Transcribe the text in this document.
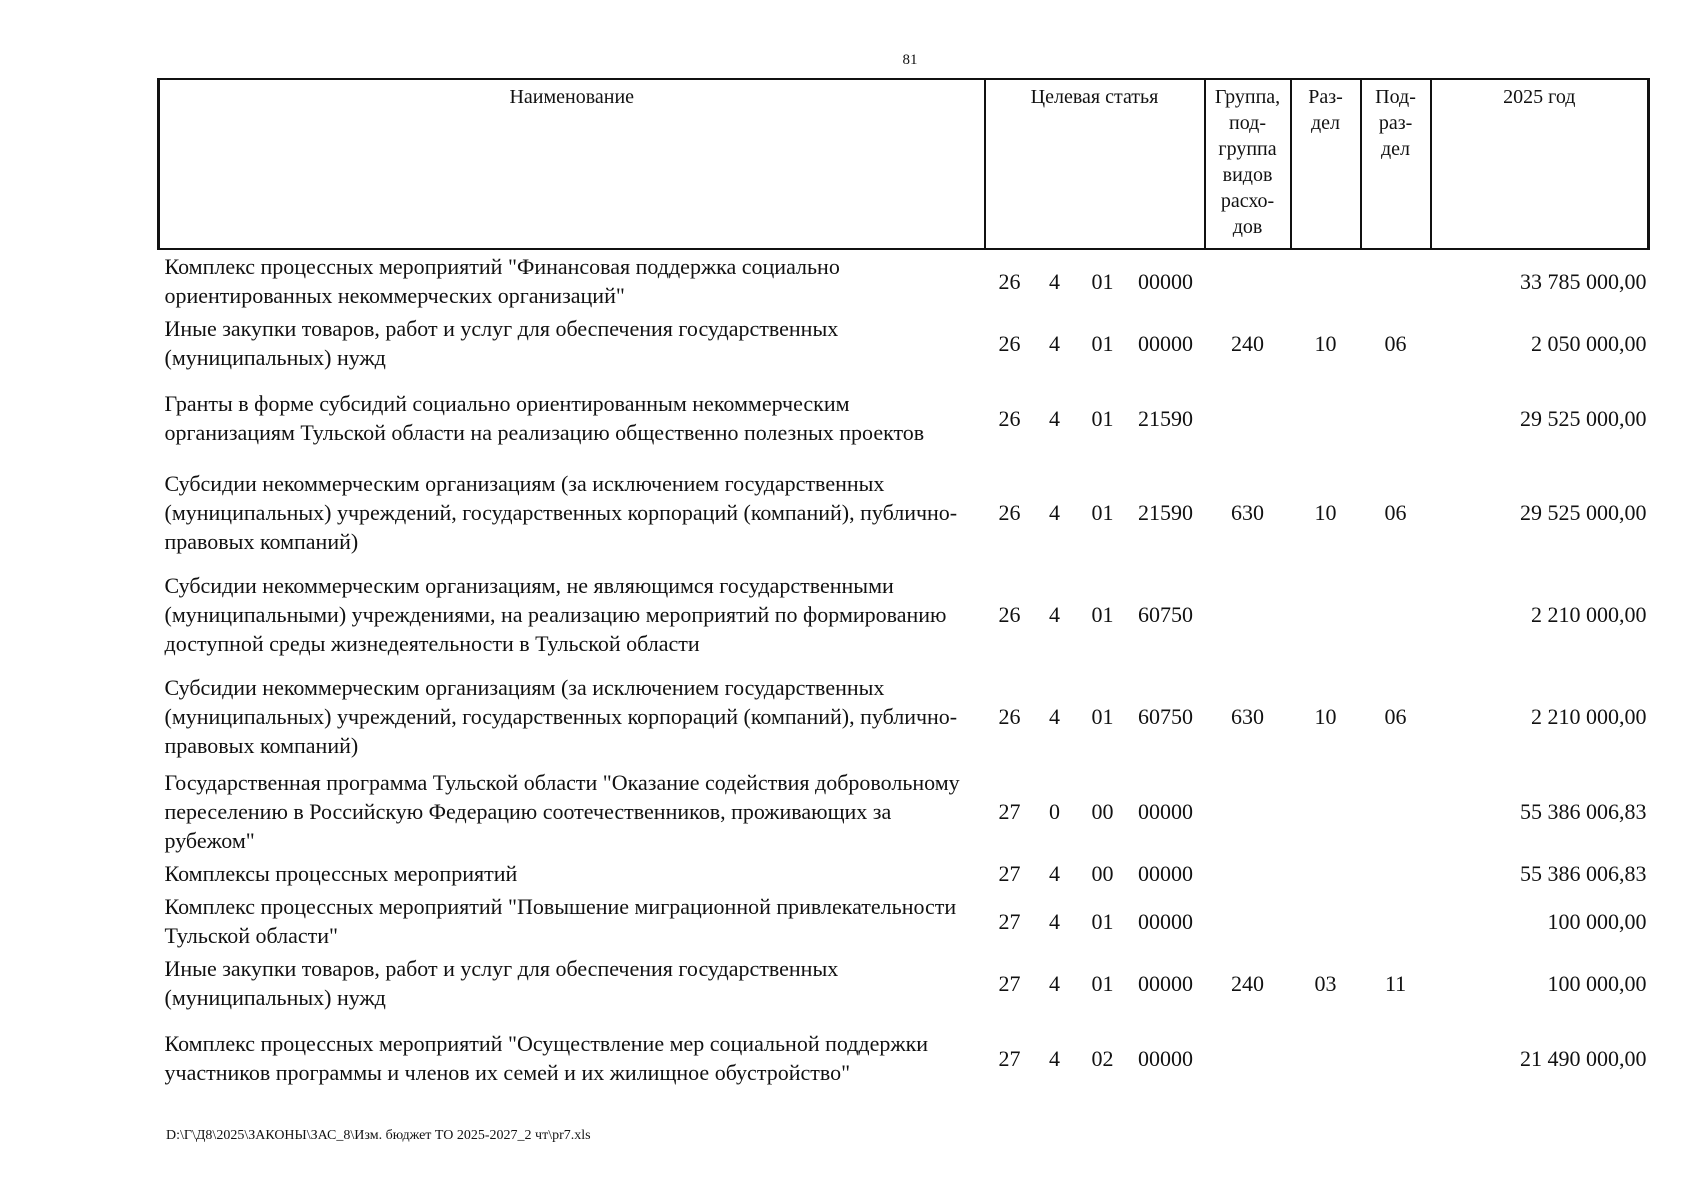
81
Наименование	Целевая статья				Группа, под-группа видов расхо-дов	Раз-дел	Под-раз-дел	2025 год
Комплекс процессных мероприятий "Финансовая поддержка социально ориентированных некоммерческих организаций"	26	4	01	00000				33 785 000,00
Иные закупки товаров, работ и услуг для обеспечения государственных (муниципальных) нужд	26	4	01	00000	240	10	06	2 050 000,00
Гранты в форме субсидий социально ориентированным некоммерческим организациям Тульской области на реализацию общественно полезных проектов	26	4	01	21590				29 525 000,00
Субсидии некоммерческим организациям (за исключением государственных (муниципальных) учреждений, государственных корпораций (компаний), публично-правовых компаний)	26	4	01	21590	630	10	06	29 525 000,00
Субсидии некоммерческим организациям, не являющимся государственными (муниципальными) учреждениями, на реализацию мероприятий по формированию доступной среды жизнедеятельности в Тульской области	26	4	01	60750				2 210 000,00
Субсидии некоммерческим организациям (за исключением государственных (муниципальных) учреждений, государственных корпораций (компаний), публично-правовых компаний)	26	4	01	60750	630	10	06	2 210 000,00
Государственная программа Тульской области "Оказание содействия добровольному переселению в Российскую Федерацию соотечественников, проживающих за рубежом"	27	0	00	00000				55 386 006,83
Комплексы процессных мероприятий	27	4	00	00000				55 386 006,83
Комплекс процессных мероприятий "Повышение миграционной привлекательности Тульской области"	27	4	01	00000				100 000,00
Иные закупки товаров, работ и услуг для обеспечения государственных (муниципальных) нужд	27	4	01	00000	240	03	11	100 000,00
Комплекс процессных мероприятий "Осуществление мер социальной поддержки участников программы и членов их семей и их жилищное обустройство"	27	4	02	00000				21 490 000,00
D:\Г\Д8\2025\ЗАКОНЫ\ЗАС_8\Изм. бюджет ТО 2025-2027_2 чт\pr7.xls
